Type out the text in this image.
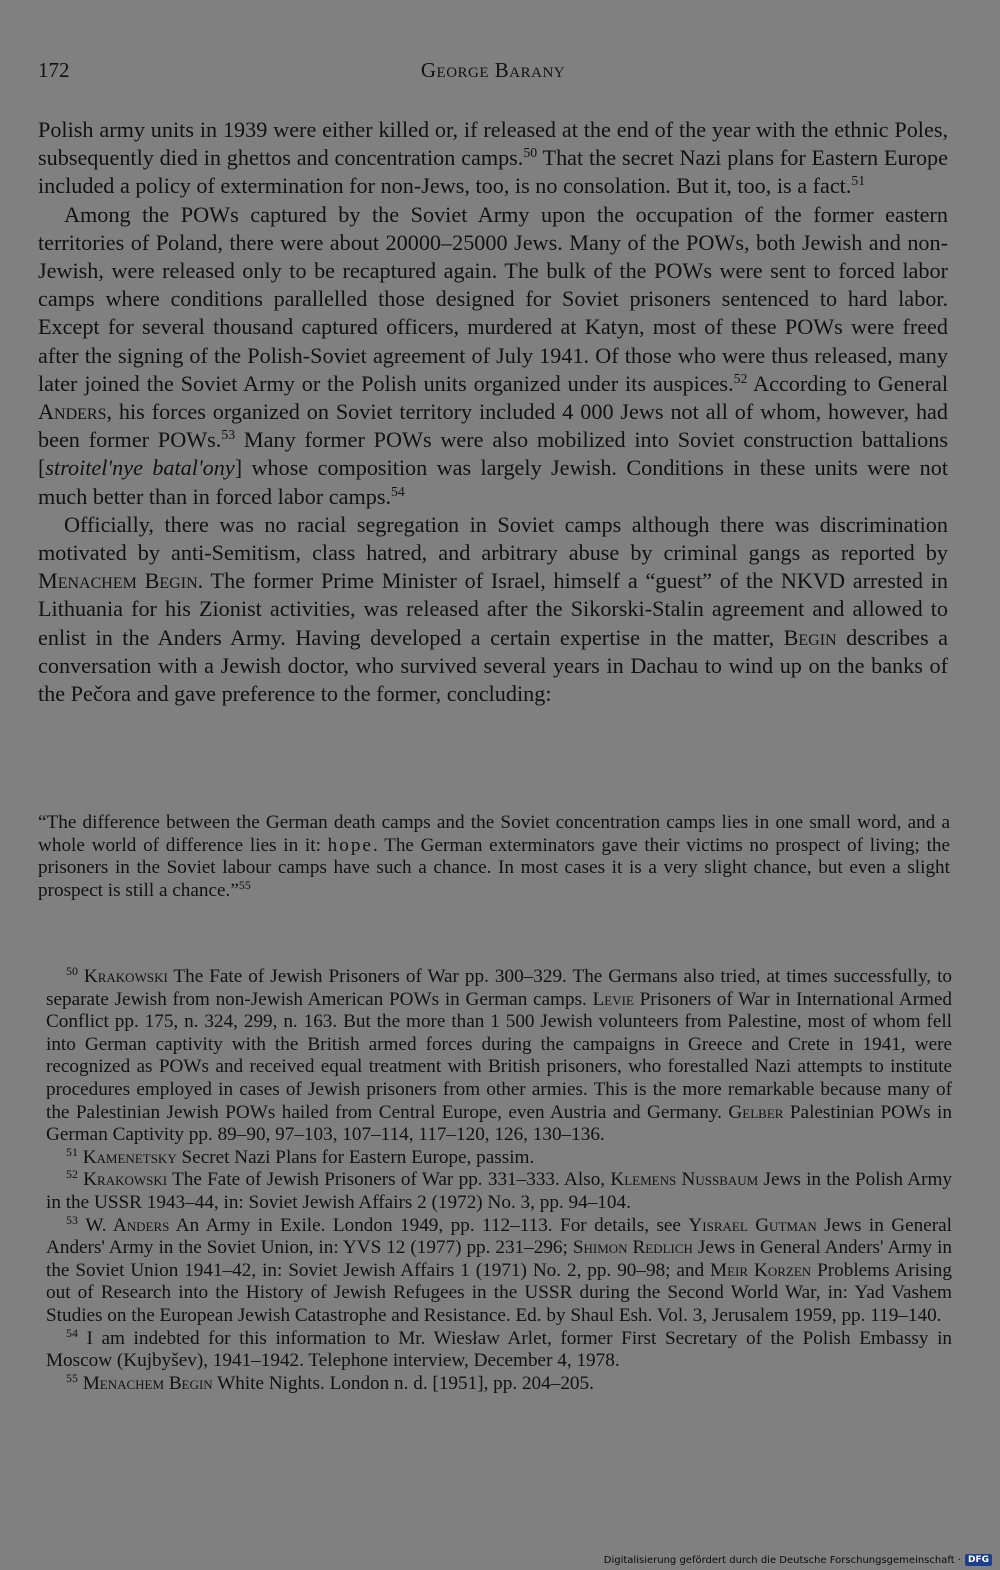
172	George Barany

Polish army units in 1939 were either killed or, if released at the end of the year with the ethnic Poles, subsequently died in ghettos and concentration camps.$^{50}$ That the secret Nazi plans for Eastern Europe included a policy of extermination for non-Jews, too, is no consolation. But it, too, is a fact.$^{51}$

Among the POWs captured by the Soviet Army upon the occupation of the former eastern territories of Poland, there were about 20000–25000 Jews. Many of the POWs, both Jewish and non-Jewish, were released only to be recaptured again. The bulk of the POWs were sent to forced labor camps where conditions parallelled those designed for Soviet prisoners sentenced to hard labor. Except for several thousand captured officers, murdered at Katyn, most of these POWs were freed after the signing of the Polish-Soviet agreement of July 1941. Of those who were thus released, many later joined the Soviet Army or the Polish units organized under its auspices.$^{52}$ According to General Anders, his forces organized on Soviet territory included 4 000 Jews not all of whom, however, had been former POWs.$^{53}$ Many former POWs were also mobilized into Soviet construction battalions [stroitel'nye batal'ony] whose composition was largely Jewish. Conditions in these units were not much better than in forced labor camps.$^{54}$

Officially, there was no racial segregation in Soviet camps although there was discrimination motivated by anti-Semitism, class hatred, and arbitrary abuse by criminal gangs as reported by Menachem Begin. The former Prime Minister of Israel, himself a “guest” of the NKVD arrested in Lithuania for his Zionist activities, was released after the Sikorski-Stalin agreement and allowed to enlist in the Anders Army. Having developed a certain expertise in the matter, Begin describes a conversation with a Jewish doctor, who survived several years in Dachau to wind up on the banks of the Pečora and gave preference to the former, concluding:

“The difference between the German death camps and the Soviet concentration camps lies in one small word, and a whole world of difference lies in it: hope. The German exterminators gave their victims no prospect of living; the prisoners in the Soviet labour camps have such a chance. In most cases it is a very slight chance, but even a slight prospect is still a chance.”$^{55}$

$^{50}$ Krakowski The Fate of Jewish Prisoners of War pp. 300–329. The Germans also tried, at times successfully, to separate Jewish from non-Jewish American POWs in German camps. Levie Prisoners of War in International Armed Conflict pp. 175, n. 324, 299, n. 163. But the more than 1 500 Jewish volunteers from Palestine, most of whom fell into German captivity with the British armed forces during the campaigns in Greece and Crete in 1941, were recognized as POWs and received equal treatment with British prisoners, who forestalled Nazi attempts to institute procedures employed in cases of Jewish prisoners from other armies. This is the more remarkable because many of the Palestinian Jewish POWs hailed from Central Europe, even Austria and Germany. Gelber Palestinian POWs in German Captivity pp. 89–90, 97–103, 107–114, 117–120, 126, 130–136.

$^{51}$ Kamenetsky Secret Nazi Plans for Eastern Europe, passim.

$^{52}$ Krakowski The Fate of Jewish Prisoners of War pp. 331–333. Also, Klemens Nussbaum Jews in the Polish Army in the USSR 1943–44, in: Soviet Jewish Affairs 2 (1972) No. 3, pp. 94–104.

$^{53}$ W. Anders An Army in Exile. London 1949, pp. 112–113. For details, see Yisrael Gutman Jews in General Anders' Army in the Soviet Union, in: YVS 12 (1977) pp. 231–296; Shimon Redlich Jews in General Anders' Army in the Soviet Union 1941–42, in: Soviet Jewish Affairs 1 (1971) No. 2, pp. 90–98; and Meir Korzen Problems Arising out of Research into the History of Jewish Refugees in the USSR during the Second World War, in: Yad Vashem Studies on the European Jewish Catastrophe and Resistance. Ed. by Shaul Esh. Vol. 3, Jerusalem 1959, pp. 119–140.

$^{54}$ I am indebted for this information to Mr. Wiesław Arlet, former First Secretary of the Polish Embassy in Moscow (Kujbyšev), 1941–1942. Telephone interview, December 4, 1978.

$^{55}$ Menachem Begin White Nights. London n. d. [1951], pp. 204–205.

Digitalisierung gefördert durch die Deutsche Forschungsgemeinschaft · DFG
